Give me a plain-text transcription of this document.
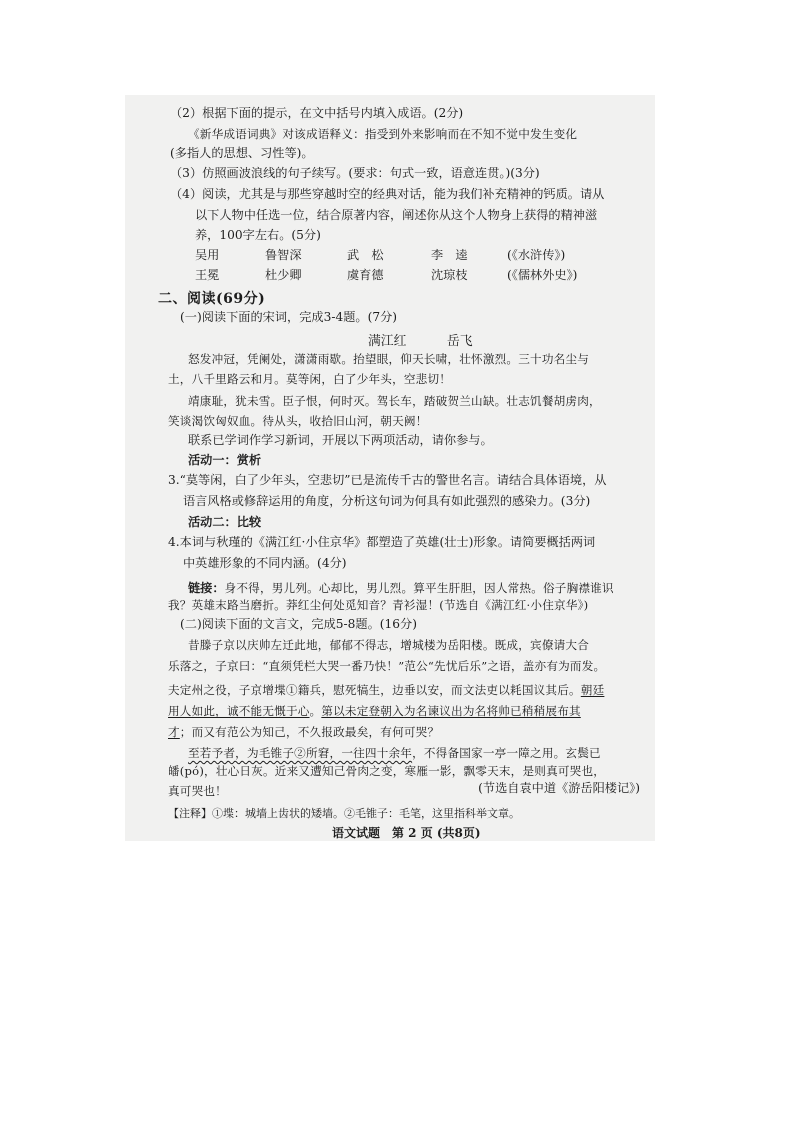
（2）根据下面的提示，在文中括号内填入成语。(2分)
《新华成语词典》对该成语释义：指受到外来影响而在不知不觉中发生变化
(多指人的思想、习性等)。
（3）仿照画波浪线的句子续写。(要求：句式一致，语意连贯。)(3分)
（4）阅读，尤其是与那些穿越时空的经典对话，能为我们补充精神的钙质。请从
以下人物中任选一位，结合原著内容，阐述你从这个人物身上获得的精神滋
养，100字左右。(5分)
吴用	鲁智深	武　松	李　逵	(《水浒传》)
王冕	杜少卿	虞育德	沈琼枝	(《儒林外史》)
二、阅读(69分)
(一)阅读下面的宋词，完成3-4题。(7分)
满江红	岳飞
怒发冲冠，凭阑处，潇潇雨歇。抬望眼，仰天长啸，壮怀激烈。三十功名尘与
土，八千里路云和月。莫等闲，白了少年头，空悲切！
靖康耻，犹未雪。臣子恨，何时灭。驾长车，踏破贺兰山缺。壮志饥餐胡虏肉，
笑谈渴饮匈奴血。待从头，收拾旧山河，朝天阙！
联系已学词作学习新词，开展以下两项活动，请你参与。
活动一：赏析
3.“莫等闲，白了少年头，空悲切”已是流传千古的警世名言。请结合具体语境，从
语言风格或修辞运用的角度，分析这句词为何具有如此强烈的感染力。(3分)
活动二：比较
4.本词与秋瑾的《满江红·小住京华》都塑造了英雄(壮士)形象。请简要概括两词
中英雄形象的不同内涵。(4分)
链接：身不得，男儿列。心却比，男儿烈。算平生肝胆，因人常热。俗子胸襟谁识
我？英雄末路当磨折。莽红尘何处觅知音？青衫湿！(节选自《满江红·小住京华》)
(二)阅读下面的文言文，完成5-8题。(16分)
昔滕子京以庆帅左迁此地，郁郁不得志，增城楼为岳阳楼。既成，宾僚请大合
乐落之，子京曰：“直须凭栏大哭一番乃快！”范公“先忧后乐”之语，盖亦有为而发。
夫定州之役，子京增堞①籍兵，慰死犒生，边垂以安，而文法吏以耗国议其后。朝廷
用人如此，诚不能无慨于心。第以未定登朝入为名谏议出为名将帅已稍稍展布其
才；而又有范公为知己，不久报政最矣，有何可哭？
至若予者，为毛锥子②所窘，一往四十余年，不得备国家一亭一障之用。玄鬓已
皤(pó)，壮心日灰。近来又遭知己骨肉之变，寒雁一影，飘零天末，是则真可哭也，
真可哭也！	(节选自袁中道《游岳阳楼记》)
【注释】①堞：城墙上齿状的矮墙。②毛锥子：毛笔，这里指科举文章。
语文试题　第 2 页 (共8页)
